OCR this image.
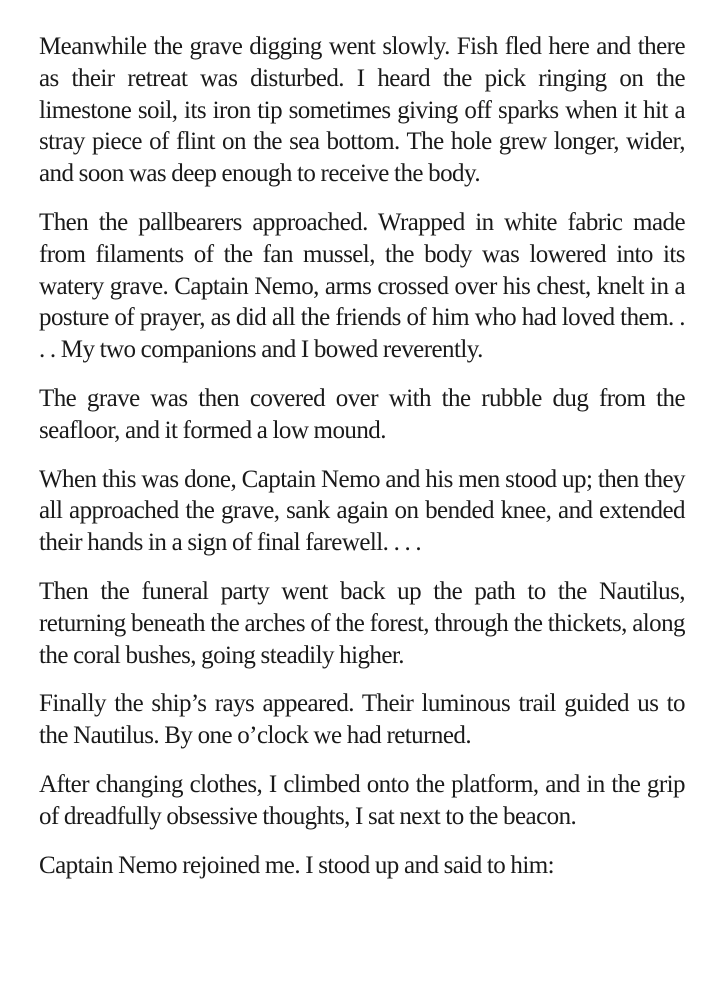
Meanwhile the grave digging went slowly. Fish fled here and there as their retreat was disturbed. I heard the pick ringing on the limestone soil, its iron tip sometimes giving off sparks when it hit a stray piece of flint on the sea bottom. The hole grew longer, wider, and soon was deep enough to receive the body.

Then the pallbearers approached. Wrapped in white fabric made from filaments of the fan mussel, the body was lowered into its watery grave. Captain Nemo, arms crossed over his chest, knelt in a posture of prayer, as did all the friends of him who had loved them. . . . My two companions and I bowed reverently.

The grave was then covered over with the rubble dug from the seafloor, and it formed a low mound.

When this was done, Captain Nemo and his men stood up; then they all approached the grave, sank again on bended knee, and extended their hands in a sign of final farewell. . . .

Then the funeral party went back up the path to the Nautilus, returning beneath the arches of the forest, through the thickets, along the coral bushes, going steadily higher.

Finally the ship’s rays appeared. Their luminous trail guided us to the Nautilus. By one o’clock we had returned.

After changing clothes, I climbed onto the platform, and in the grip of dreadfully obsessive thoughts, I sat next to the beacon.

Captain Nemo rejoined me. I stood up and said to him:
